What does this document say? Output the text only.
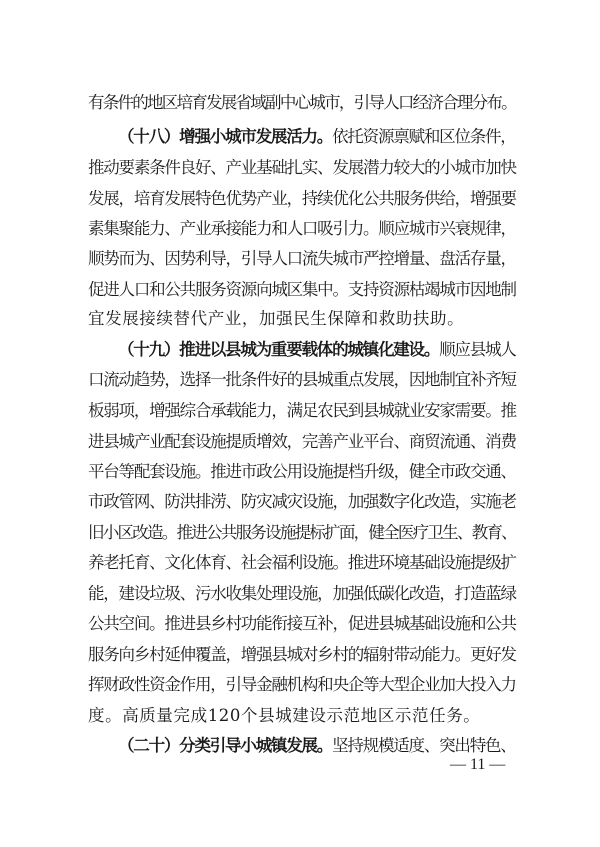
有条件的地区培育发展省域副中心城市，引导人口经济合理分布。
（十八）增强小城市发展活力。依托资源禀赋和区位条件，
推动要素条件良好、产业基础扎实、发展潜力较大的小城市加快
发展，培育发展特色优势产业，持续优化公共服务供给，增强要
素集聚能力、产业承接能力和人口吸引力。顺应城市兴衰规律，
顺势而为、因势利导，引导人口流失城市严控增量、盘活存量，
促进人口和公共服务资源向城区集中。支持资源枯竭城市因地制
宜发展接续替代产业，加强民生保障和救助扶助。
（十九）推进以县城为重要载体的城镇化建设。顺应县城人
口流动趋势，选择一批条件好的县城重点发展，因地制宜补齐短
板弱项，增强综合承载能力，满足农民到县城就业安家需要。推
进县城产业配套设施提质增效，完善产业平台、商贸流通、消费
平台等配套设施。推进市政公用设施提档升级，健全市政交通、
市政管网、防洪排涝、防灾减灾设施，加强数字化改造，实施老
旧小区改造。推进公共服务设施提标扩面，健全医疗卫生、教育、
养老托育、文化体育、社会福利设施。推进环境基础设施提级扩
能，建设垃圾、污水收集处理设施，加强低碳化改造，打造蓝绿
公共空间。推进县乡村功能衔接互补，促进县城基础设施和公共
服务向乡村延伸覆盖，增强县城对乡村的辐射带动能力。更好发
挥财政性资金作用，引导金融机构和央企等大型企业加大投入力
度。高质量完成120个县城建设示范地区示范任务。
（二十）分类引导小城镇发展。坚持规模适度、突出特色、
— 11 —
